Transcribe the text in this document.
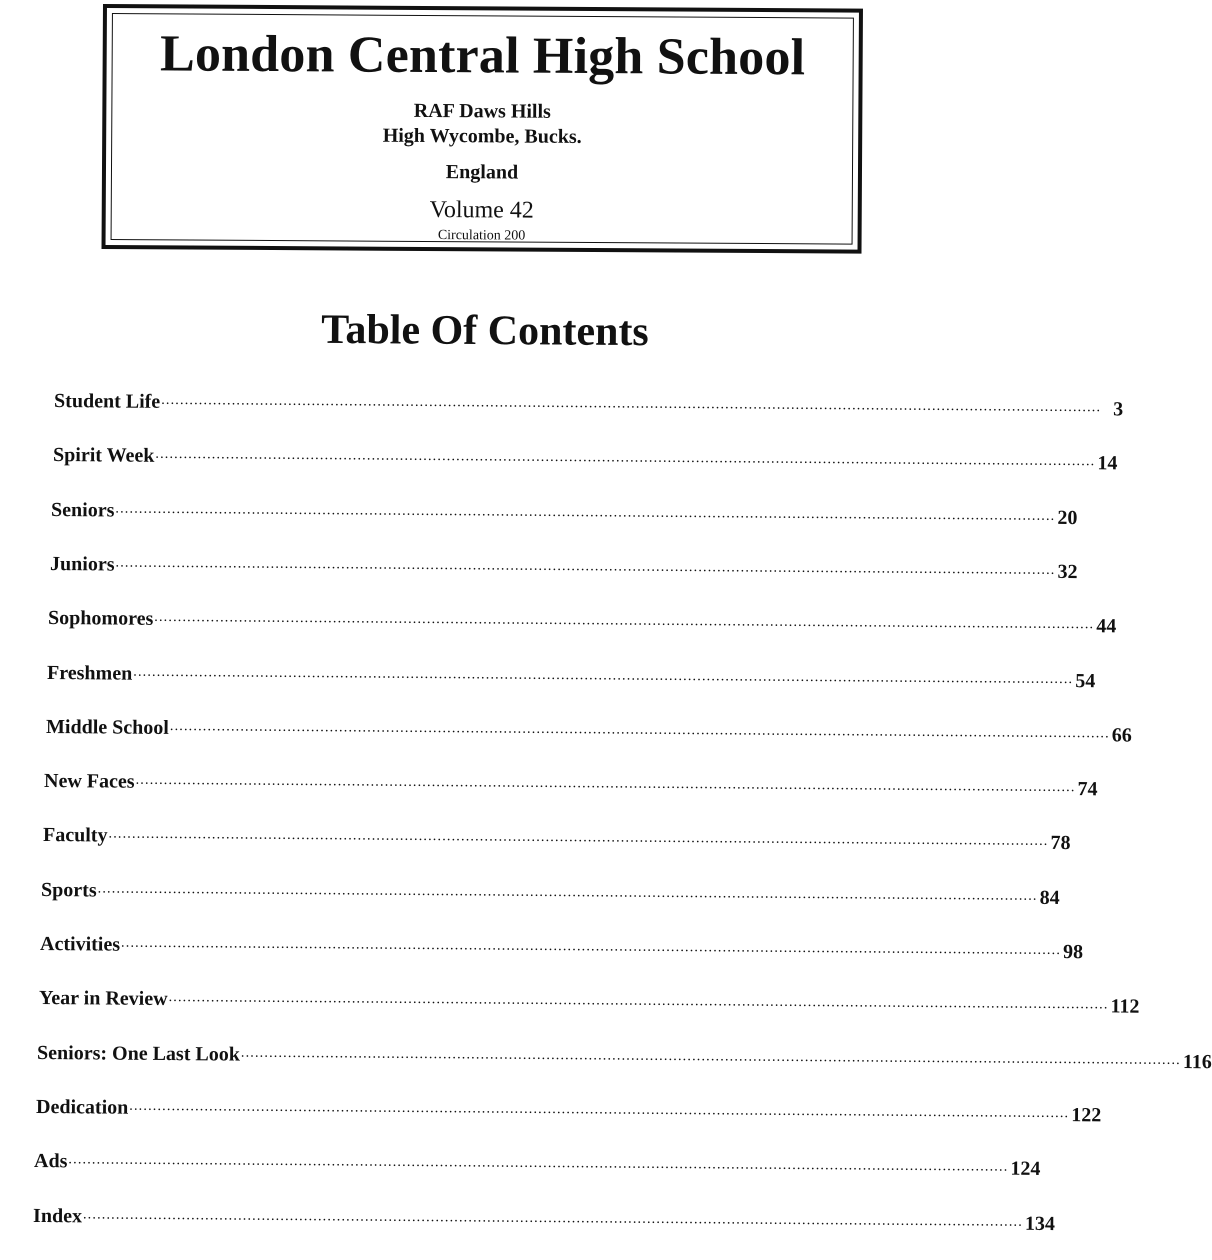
London Central High School
RAF Daws Hills
High Wycombe, Bucks.
England
Volume 42
Circulation 200
Table Of Contents
Student Life ........................................................................................................................................................................................................ 3
Spirit Week ........................................................................................................................................................................................................ 14
Seniors ........................................................................................................................................................................................................ 20
Juniors ........................................................................................................................................................................................................ 32
Sophomores ........................................................................................................................................................................................................ 44
Freshmen ........................................................................................................................................................................................................ 54
Middle School ........................................................................................................................................................................................................ 66
New Faces ........................................................................................................................................................................................................ 74
Faculty ........................................................................................................................................................................................................ 78
Sports ........................................................................................................................................................................................................ 84
Activities ........................................................................................................................................................................................................ 98
Year in Review ........................................................................................................................................................................................................ 112
Seniors: One Last Look ........................................................................................................................................................................................................ 116
Dedication ........................................................................................................................................................................................................ 122
Ads ........................................................................................................................................................................................................ 124
Index ........................................................................................................................................................................................................ 134
